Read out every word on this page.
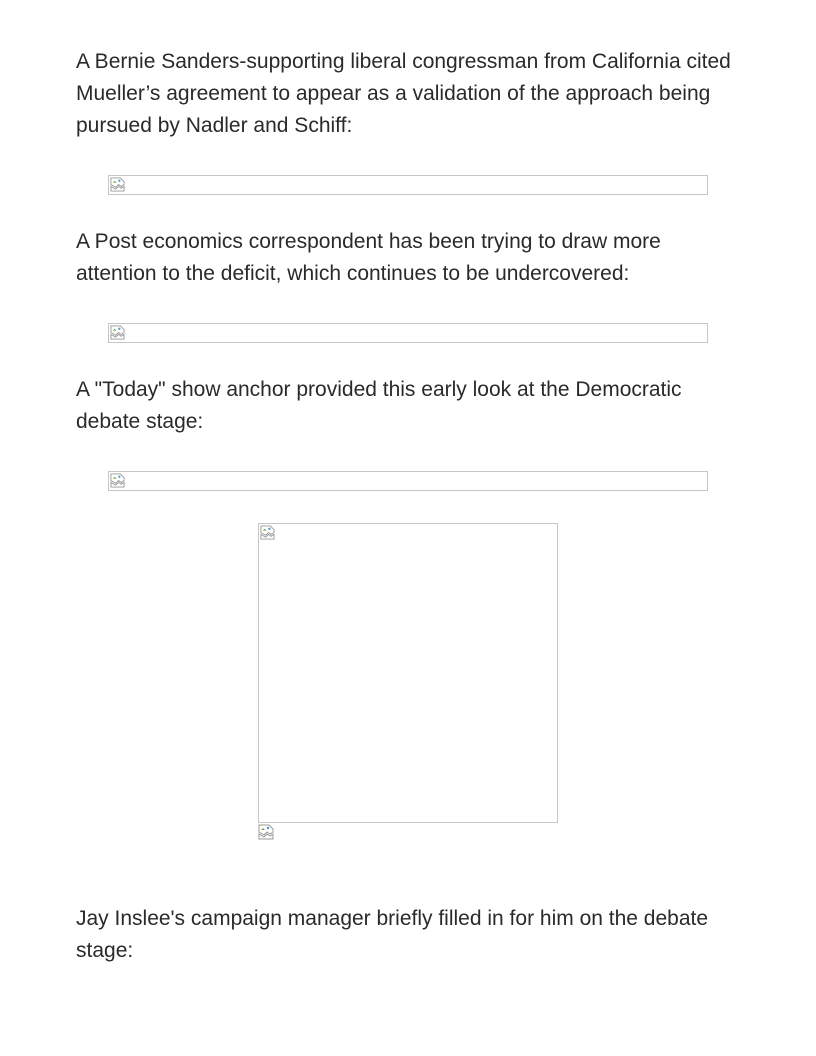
A Bernie Sanders-supporting liberal congressman from California cited Mueller’s agreement to appear as a validation of the approach being pursued by Nadler and Schiff:

A Post economics correspondent has been trying to draw more attention to the deficit, which continues to be undercovered:

A "Today" show anchor provided this early look at the Democratic debate stage:

Jay Inslee's campaign manager briefly filled in for him on the debate stage:
